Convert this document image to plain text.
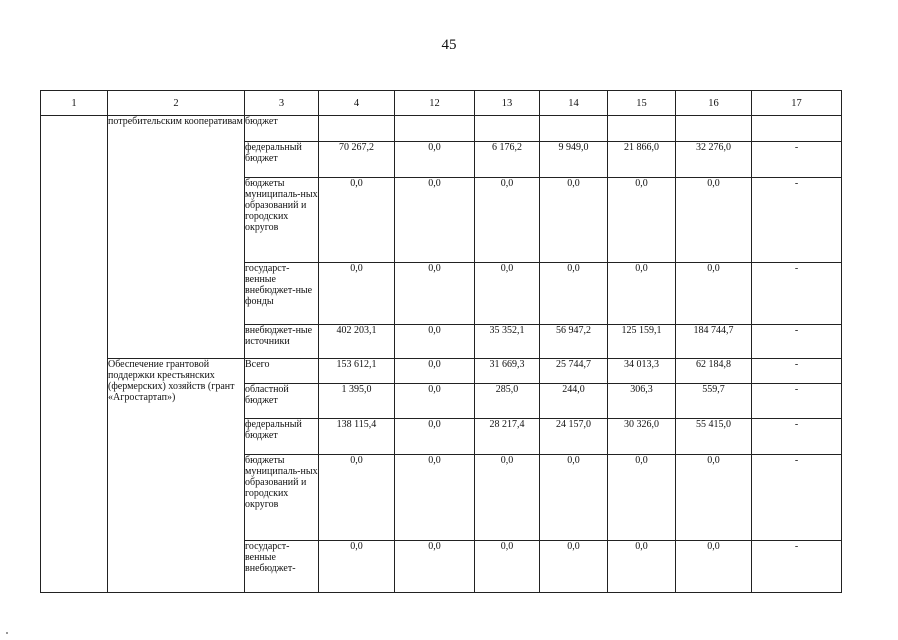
45
1	2	3	4	12	13	14	15	16	17
	потребительским кооперативам	бюджет							
		федеральный бюджет	70 267,2	0,0	6 176,2	9 949,0	21 866,0	32 276,0	-
		бюджеты муниципаль-ных образований и городских округов	0,0	0,0	0,0	0,0	0,0	0,0	-
		государст-венные внебюджет-ные фонды	0,0	0,0	0,0	0,0	0,0	0,0	-
		внебюджет-ные источники	402 203,1	0,0	35 352,1	56 947,2	125 159,1	184 744,7	-
	Обеспечение грантовой поддержки крестьянских (фермерских) хозяйств (грант «Агростартап»)	Всего	153 612,1	0,0	31 669,3	25 744,7	34 013,3	62 184,8	-
		областной бюджет	1 395,0	0,0	285,0	244,0	306,3	559,7	-
		федеральный бюджет	138 115,4	0,0	28 217,4	24 157,0	30 326,0	55 415,0	-
		бюджеты муниципаль-ных образований и городских округов	0,0	0,0	0,0	0,0	0,0	0,0	-
		государст-венные внебюджет-	0,0	0,0	0,0	0,0	0,0	0,0	-
